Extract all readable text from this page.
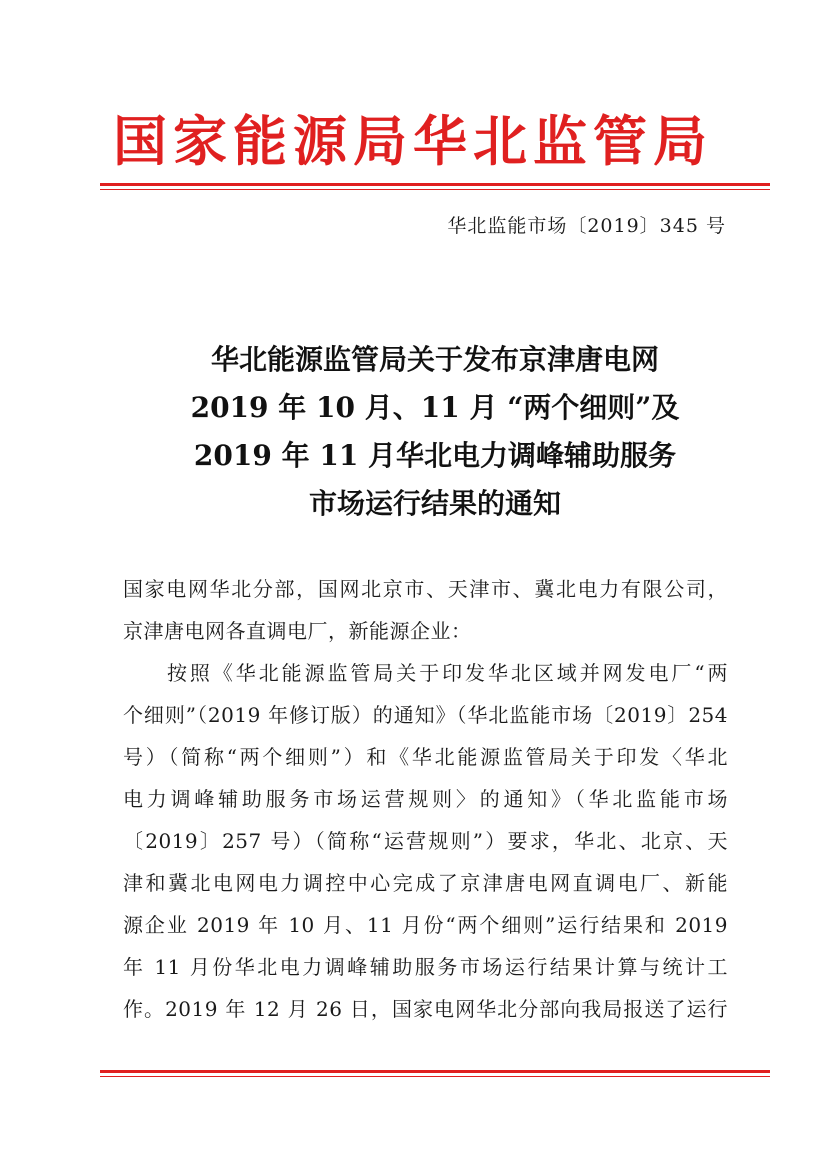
国家能源局华北监管局
华北监能市场〔2019〕345 号
华北能源监管局关于发布京津唐电网
2019 年 10 月、11 月 “两个细则”及
2019 年 11 月华北电力调峰辅助服务
市场运行结果的通知
国家电网华北分部，国网北京市、天津市、冀北电力有限公司，
京津唐电网各直调电厂，新能源企业：
按照《华北能源监管局关于印发华北区域并网发电厂“两
个细则”（2019 年修订版）的通知》（华北监能市场〔2019〕254
号）（简称“两个细则”）和《华北能源监管局关于印发〈华北
电力调峰辅助服务市场运营规则〉的通知》（华北监能市场
〔2019〕257 号）（简称“运营规则”）要求，华北、北京、天
津和冀北电网电力调控中心完成了京津唐电网直调电厂、新能
源企业 2019 年 10 月、11 月份“两个细则”运行结果和 2019
年 11 月份华北电力调峰辅助服务市场运行结果计算与统计工
作。2019 年 12 月 26 日，国家电网华北分部向我局报送了运行
